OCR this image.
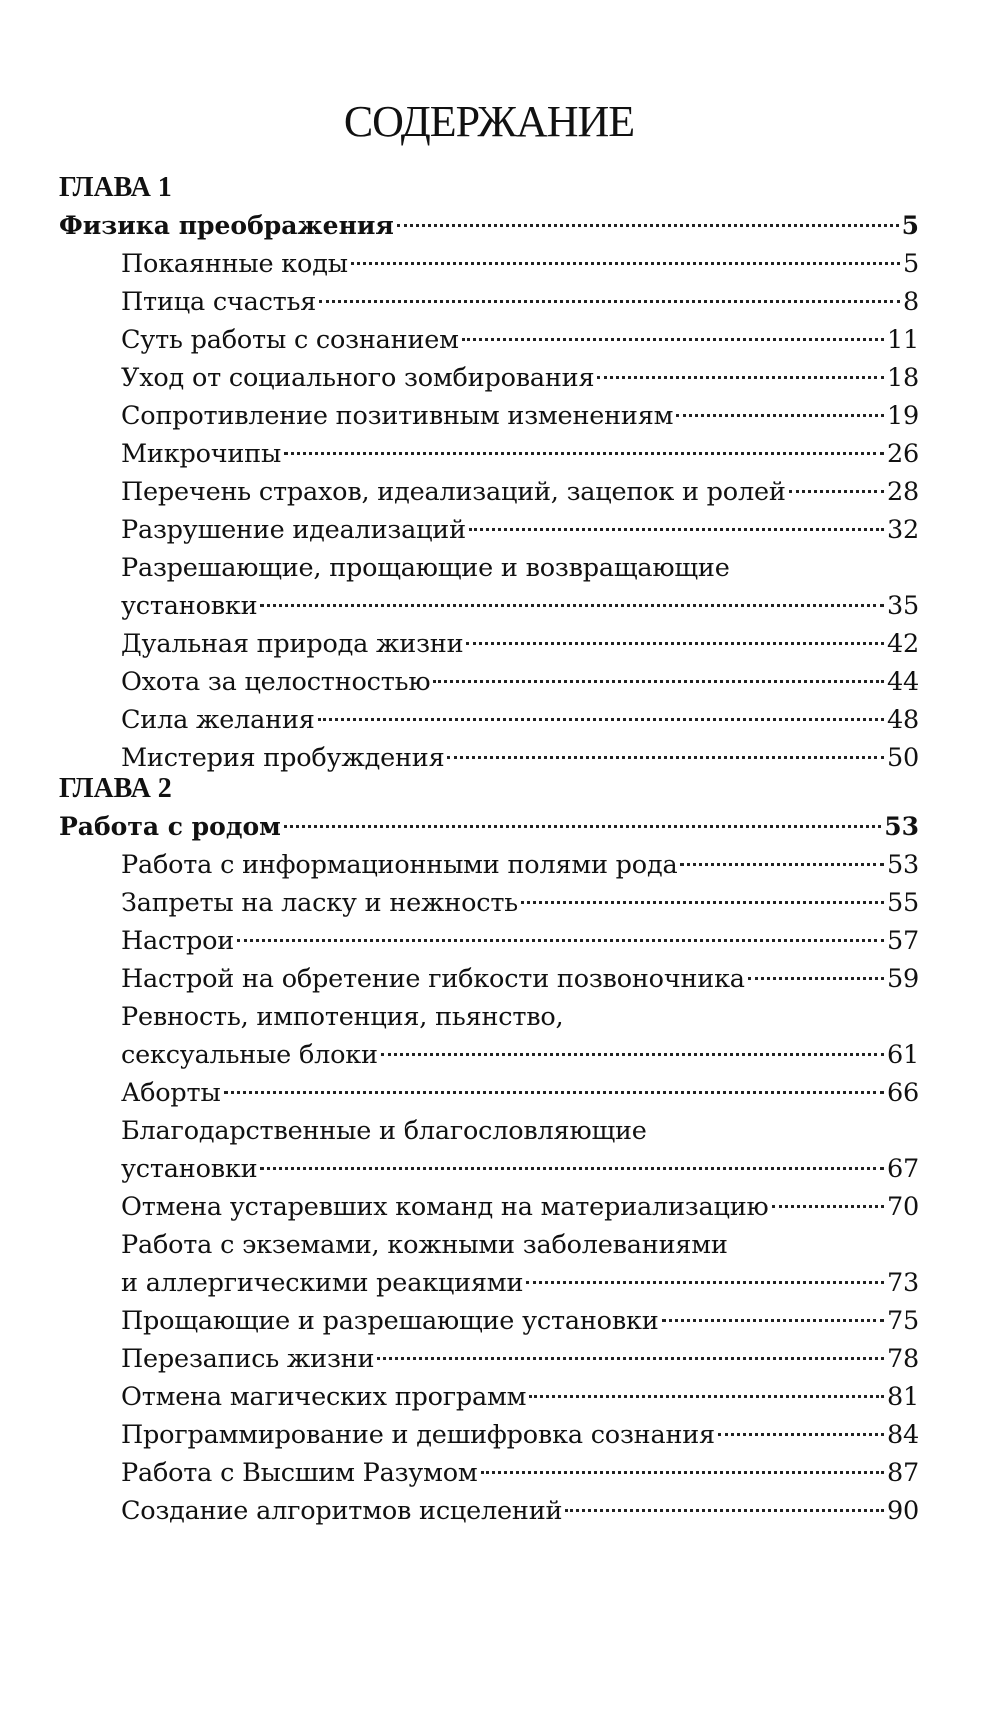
СОДЕРЖАНИЕ
ГЛАВА 1
Физика преображения	5
Покаянные коды	5
Птица счастья	8
Суть работы с сознанием	11
Уход от социального зомбирования	18
Сопротивление позитивным изменениям	19
Микрочипы	26
Перечень страхов, идеализаций, зацепок и ролей	28
Разрушение идеализаций	32
Разрешающие, прощающие и возвращающие
установки	35
Дуальная природа жизни	42
Охота за целостностью	44
Сила желания	48
Мистерия пробуждения	50
ГЛАВА 2
Работа с родом	53
Работа с информационными полями рода	53
Запреты на ласку и нежность	55
Настрои	57
Настрой на обретение гибкости позвоночника	59
Ревность, импотенция, пьянство,
сексуальные блоки	61
Аборты	66
Благодарственные и благословляющие
установки	67
Отмена устаревших команд на материализацию	70
Работа с экземами, кожными заболеваниями
и аллергическими реакциями	73
Прощающие и разрешающие установки	75
Перезапись жизни	78
Отмена магических программ	81
Программирование и дешифровка сознания	84
Работа с Высшим Разумом	87
Создание алгоритмов исцелений	90
